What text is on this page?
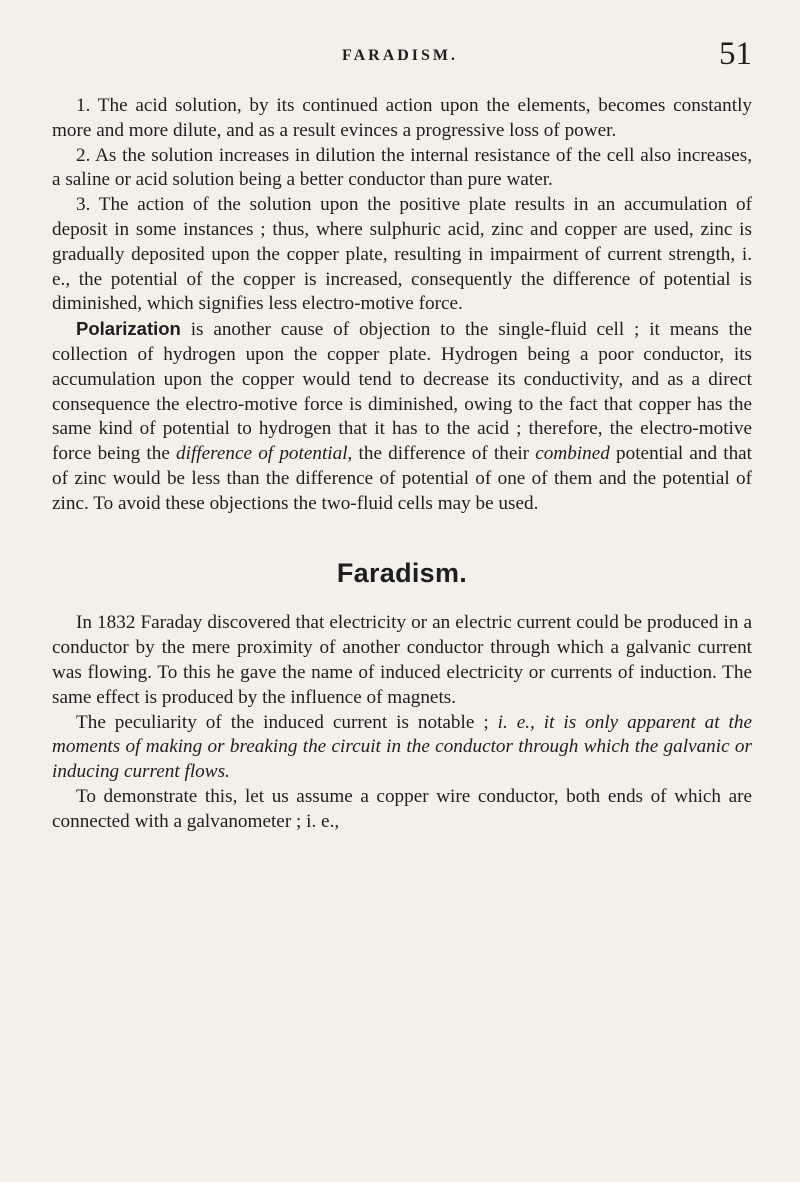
FARADISM.	51

1. The acid solution, by its continued action upon the elements, becomes constantly more and more dilute, and as a result evinces a progressive loss of power.

2. As the solution increases in dilution the internal resistance of the cell also increases, a saline or acid solution being a better conductor than pure water.

3. The action of the solution upon the positive plate results in an accumulation of deposit in some instances ; thus, where sulphuric acid, zinc and copper are used, zinc is gradually deposited upon the copper plate, resulting in impairment of current strength, i. e., the potential of the copper is increased, consequently the difference of potential is diminished, which signifies less electro-motive force.

Polarization is another cause of objection to the single-fluid cell ; it means the collection of hydrogen upon the copper plate. Hydrogen being a poor conductor, its accumulation upon the copper would tend to decrease its conductivity, and as a direct consequence the electro-motive force is diminished, owing to the fact that copper has the same kind of potential to hydrogen that it has to the acid ; therefore, the electro-motive force being the difference of potential, the difference of their combined potential and that of zinc would be less than the difference of potential of one of them and the potential of zinc. To avoid these objections the two-fluid cells may be used.

Faradism.

In 1832 Faraday discovered that electricity or an electric current could be produced in a conductor by the mere proximity of another conductor through which a galvanic current was flowing. To this he gave the name of induced electricity or currents of induction. The same effect is produced by the influence of magnets.

The peculiarity of the induced current is notable ; i. e., it is only apparent at the moments of making or breaking the circuit in the conductor through which the galvanic or inducing current flows.

To demonstrate this, let us assume a copper wire conductor, both ends of which are connected with a galvanometer ; i. e.,
